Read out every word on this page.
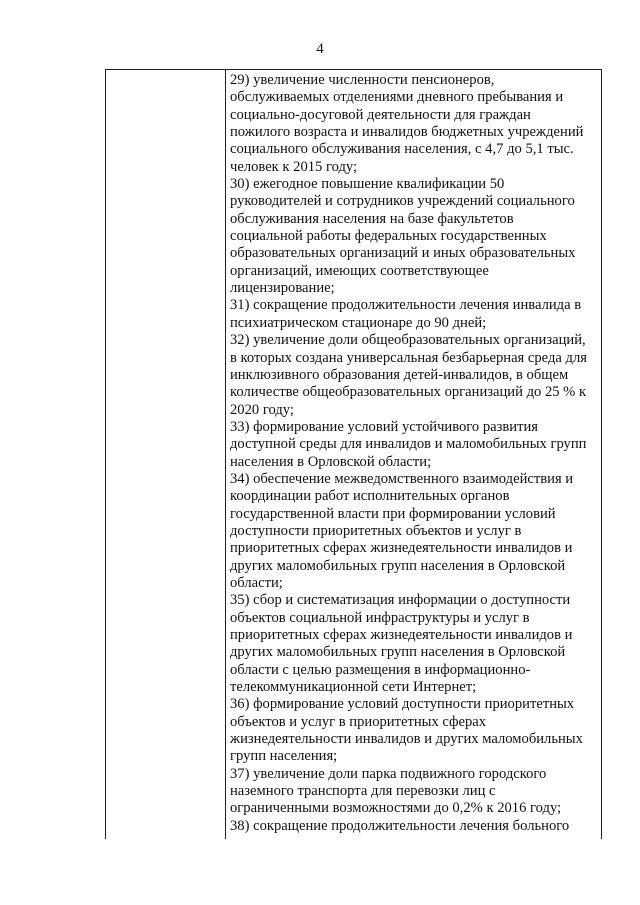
4
29) увеличение численности пенсионеров,
обслуживаемых отделениями дневного пребывания и
социально-досуговой деятельности для граждан
пожилого возраста и инвалидов бюджетных учреждений
социального обслуживания населения, с 4,7 до 5,1 тыс.
человек к 2015 году;
30) ежегодное повышение квалификации 50
руководителей и сотрудников учреждений социального
обслуживания населения на базе факультетов
социальной работы федеральных государственных
образовательных организаций и иных образовательных
организаций, имеющих соответствующее
лицензирование;
31) сокращение продолжительности лечения инвалида в
психиатрическом стационаре до 90 дней;
32) увеличение доли общеобразовательных организаций,
в которых создана универсальная безбарьерная среда для
инклюзивного образования детей-инвалидов, в общем
количестве общеобразовательных организаций до 25 % к
2020 году;
33) формирование условий устойчивого развития
доступной среды для инвалидов и маломобильных групп
населения в Орловской области;
34) обеспечение межведомственного взаимодействия и
координации работ исполнительных органов
государственной власти при формировании условий
доступности приоритетных объектов и услуг в
приоритетных сферах жизнедеятельности инвалидов и
других маломобильных групп населения в Орловской
области;
35) сбор и систематизация информации о доступности
объектов социальной инфраструктуры и услуг в
приоритетных сферах жизнедеятельности инвалидов и
других маломобильных групп населения в Орловской
области с целью размещения в информационно-
телекоммуникационной сети Интернет;
36) формирование условий доступности приоритетных
объектов и услуг в приоритетных сферах
жизнедеятельности инвалидов и других маломобильных
групп населения;
37) увеличение доли парка подвижного городского
наземного транспорта для перевозки лиц с
ограниченными возможностями до 0,2% к 2016 году;
38) сокращение продолжительности лечения больного
